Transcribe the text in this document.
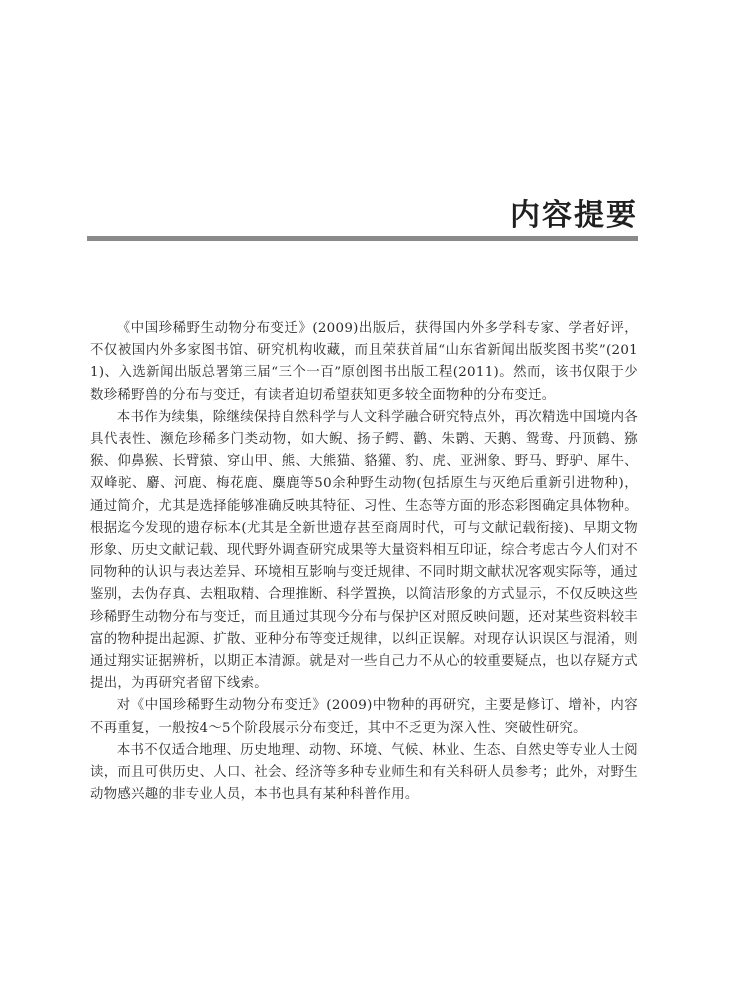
内容提要

《中国珍稀野生动物分布变迁》(2009)出版后，获得国内外多学科专家、学者好评，不仅被国内外多家图书馆、研究机构收藏，而且荣获首届“山东省新闻出版奖图书奖”(2011)、入选新闻出版总署第三届“三个一百”原创图书出版工程(2011)。然而，该书仅限于少数珍稀野兽的分布与变迁，有读者迫切希望获知更多较全面物种的分布变迁。

本书作为续集，除继续保持自然科学与人文科学融合研究特点外，再次精选中国境内各具代表性、濒危珍稀多门类动物，如大鲵、扬子鳄、鹳、朱鹮、天鹅、鸳鸯、丹顶鹤、猕猴、仰鼻猴、长臂猿、穿山甲、熊、大熊猫、貉獾、豹、虎、亚洲象、野马、野驴、犀牛、双峰驼、麝、河鹿、梅花鹿、麋鹿等50余种野生动物(包括原生与灭绝后重新引进物种)，通过简介，尤其是选择能够准确反映其特征、习性、生态等方面的形态彩图确定具体物种。根据迄今发现的遗存标本(尤其是全新世遗存甚至商周时代，可与文献记载衔接)、早期文物形象、历史文献记载、现代野外调查研究成果等大量资料相互印证，综合考虑古今人们对不同物种的认识与表达差异、环境相互影响与变迁规律、不同时期文献状况客观实际等，通过鉴别，去伪存真、去粗取精、合理推断、科学置换，以简洁形象的方式显示，不仅反映这些珍稀野生动物分布与变迁，而且通过其现今分布与保护区对照反映问题，还对某些资料较丰富的物种提出起源、扩散、亚种分布等变迁规律，以纠正误解。对现存认识误区与混淆，则通过翔实证据辨析，以期正本清源。就是对一些自己力不从心的较重要疑点，也以存疑方式提出，为再研究者留下线索。

对《中国珍稀野生动物分布变迁》(2009)中物种的再研究，主要是修订、增补，内容不再重复，一般按4～5个阶段展示分布变迁，其中不乏更为深入性、突破性研究。

本书不仅适合地理、历史地理、动物、环境、气候、林业、生态、自然史等专业人士阅读，而且可供历史、人口、社会、经济等多种专业师生和有关科研人员参考；此外，对野生动物感兴趣的非专业人员，本书也具有某种科普作用。
